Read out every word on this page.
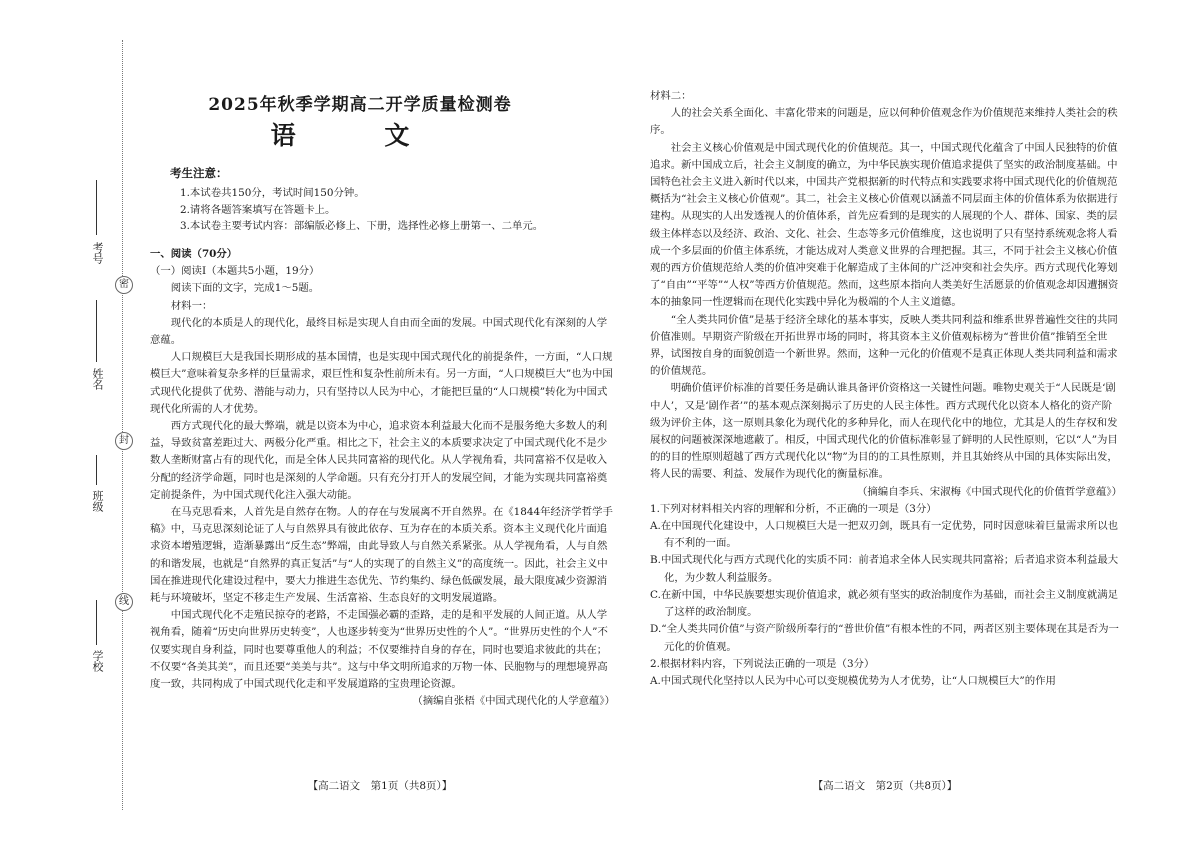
密
封
线
考号
姓名
班级
学校
2025年秋季学期高二开学质量检测卷
语 文

考生注意：

1.本试卷共150分，考试时间150分钟。

2.请将各题答案填写在答题卡上。

3.本试卷主要考试内容：部编版必修上、下册，选择性必修上册第一、二单元。

一、阅读（70分）

（一）阅读Ⅰ（本题共5小题，19分）

阅读下面的文字，完成1～5题。

材料一：

现代化的本质是人的现代化，最终目标是实现人自由而全面的发展。中国式现代化有深刻的人学意蕴。

人口规模巨大是我国长期形成的基本国情，也是实现中国式现代化的前提条件，一方面，“人口规模巨大”意味着复杂多样的巨量需求，艰巨性和复杂性前所未有。另一方面，“人口规模巨大”也为中国式现代化提供了优势、潜能与动力，只有坚持以人民为中心，才能把巨量的“人口规模”转化为中国式现代化所需的人才优势。

西方式现代化的最大弊端，就是以资本为中心，追求资本利益最大化而不是服务绝大多数人的利益，导致贫富差距过大、两极分化严重。相比之下，社会主义的本质要求决定了中国式现代化不是少数人垄断财富占有的现代化，而是全体人民共同富裕的现代化。从人学视角看，共同富裕不仅是收入分配的经济学命题，同时也是深刻的人学命题。只有充分打开人的发展空间，才能为实现共同富裕奠定前提条件，为中国式现代化注入强大动能。

在马克思看来，人首先是自然存在物。人的存在与发展离不开自然界。在《1844年经济学哲学手稿》中，马克思深刻论证了人与自然界具有彼此依存、互为存在的本质关系。资本主义现代化片面追求资本增殖逻辑，造渐暴露出“反生态”弊端，由此导致人与自然关系紧张。从人学视角看，人与自然的和谐发展，也就是“自然界的真正复活”与“人的实现了的自然主义”的高度统一。因此，社会主义中国在推进现代化建设过程中，要大力推进生态优先、节约集约、绿色低碳发展，最大限度减少资源消耗与环境破坏，坚定不移走生产发展、生活富裕、生态良好的文明发展道路。

中国式现代化不走殖民掠夺的老路，不走国强必霸的歪路，走的是和平发展的人间正道。从人学视角看，随着“历史向世界历史转变”，人也逐步转变为“世界历史性的个人”。“世界历史性的个人”不仅要实现自身利益，同时也要尊重他人的利益；不仅要维持自身的存在，同时也要追求彼此的共在；不仅要“各美其美”，而且还要“美美与共”。这与中华文明所追求的万物一体、民胞物与的理想境界高度一致，共同构成了中国式现代化走和平发展道路的宝贵理论资源。

（摘编自张梧《中国式现代化的人学意蕴》）

【高二语文　第1页（共8页）】

材料二：

人的社会关系全面化、丰富化带来的问题是，应以何种价值观念作为价值规范来维持人类社会的秩序。

社会主义核心价值观是中国式现代化的价值规范。其一，中国式现代化蕴含了中国人民独特的价值追求。新中国成立后，社会主义制度的确立，为中华民族实现价值追求提供了坚实的政治制度基础。中国特色社会主义进入新时代以来，中国共产党根据新的时代特点和实践要求将中国式现代化的价值规范概括为“社会主义核心价值观”。其二，社会主义核心价值观以涵盖不同层面主体的价值体系为依据进行建构。从现实的人出发透视人的价值体系，首先应看到的是现实的人展现的个人、群体、国家、类的层级主体样态以及经济、政治、文化、社会、生态等多元价值维度，这也说明了只有坚持系统观念将人看成一个多层面的价值主体系统，才能达成对人类意义世界的合理把握。其三，不同于社会主义核心价值观的西方价值规范给人类的价值冲突难于化解造成了主体间的广泛冲突和社会失序。西方式现代化筹划了“自由”“平等”“人权”等西方价值规范。然而，这些原本指向人类美好生活愿景的价值观念却因遭捆资本的抽象同一性逻辑而在现代化实践中异化为极端的个人主义道德。

“全人类共同价值”是基于经济全球化的基本事实，反映人类共同利益和维系世界普遍性交往的共同价值准则。早期资产阶级在开拓世界市场的同时，将其资本主义价值观标榜为“普世价值”推销至全世界，试图按自身的面貌创造一个新世界。然而，这种一元化的价值观不是真正体现人类共同利益和需求的价值规范。

明确价值评价标准的首要任务是确认谁具备评价资格这一关键性问题。唯物史观关于“人民既是‘剧中人’，又是‘剧作者’”的基本观点深刻揭示了历史的人民主体性。西方式现代化以资本人格化的资产阶级为评价主体，这一原则具象化为现代化的多种异化，而人在现代化中的地位，尤其是人的生存权和发展权的问题被深深地遮蔽了。相反，中国式现代化的价值标准彰显了鲜明的人民性原则，它以“人”为目的的目的性原则超越了西方式现代化以“物”为目的的工具性原则，并且其始终从中国的具体实际出发，将人民的需要、利益、发展作为现代化的衡量标准。

（摘编自李兵、宋淑梅《中国式现代化的价值哲学意蕴》）

1.下列对材料相关内容的理解和分析，不正确的一项是（3分）

A.在中国现代化建设中，人口规模巨大是一把双刃剑，既具有一定优势，同时因意味着巨量需求所以也有不利的一面。

B.中国式现代化与西方式现代化的实质不同：前者追求全体人民实现共同富裕；后者追求资本利益最大化，为少数人利益服务。

C.在新中国，中华民族要想实现价值追求，就必须有坚实的政治制度作为基础，而社会主义制度就满足了这样的政治制度。

D.“全人类共同价值”与资产阶级所奉行的“普世价值”有根本性的不同，两者区别主要体现在其是否为一元化的价值观。

2.根据材料内容，下列说法正确的一项是（3分）

A.中国式现代化坚持以人民为中心可以变规模优势为人才优势，让“人口规模巨大”的作用

【高二语文　第2页（共8页）】
